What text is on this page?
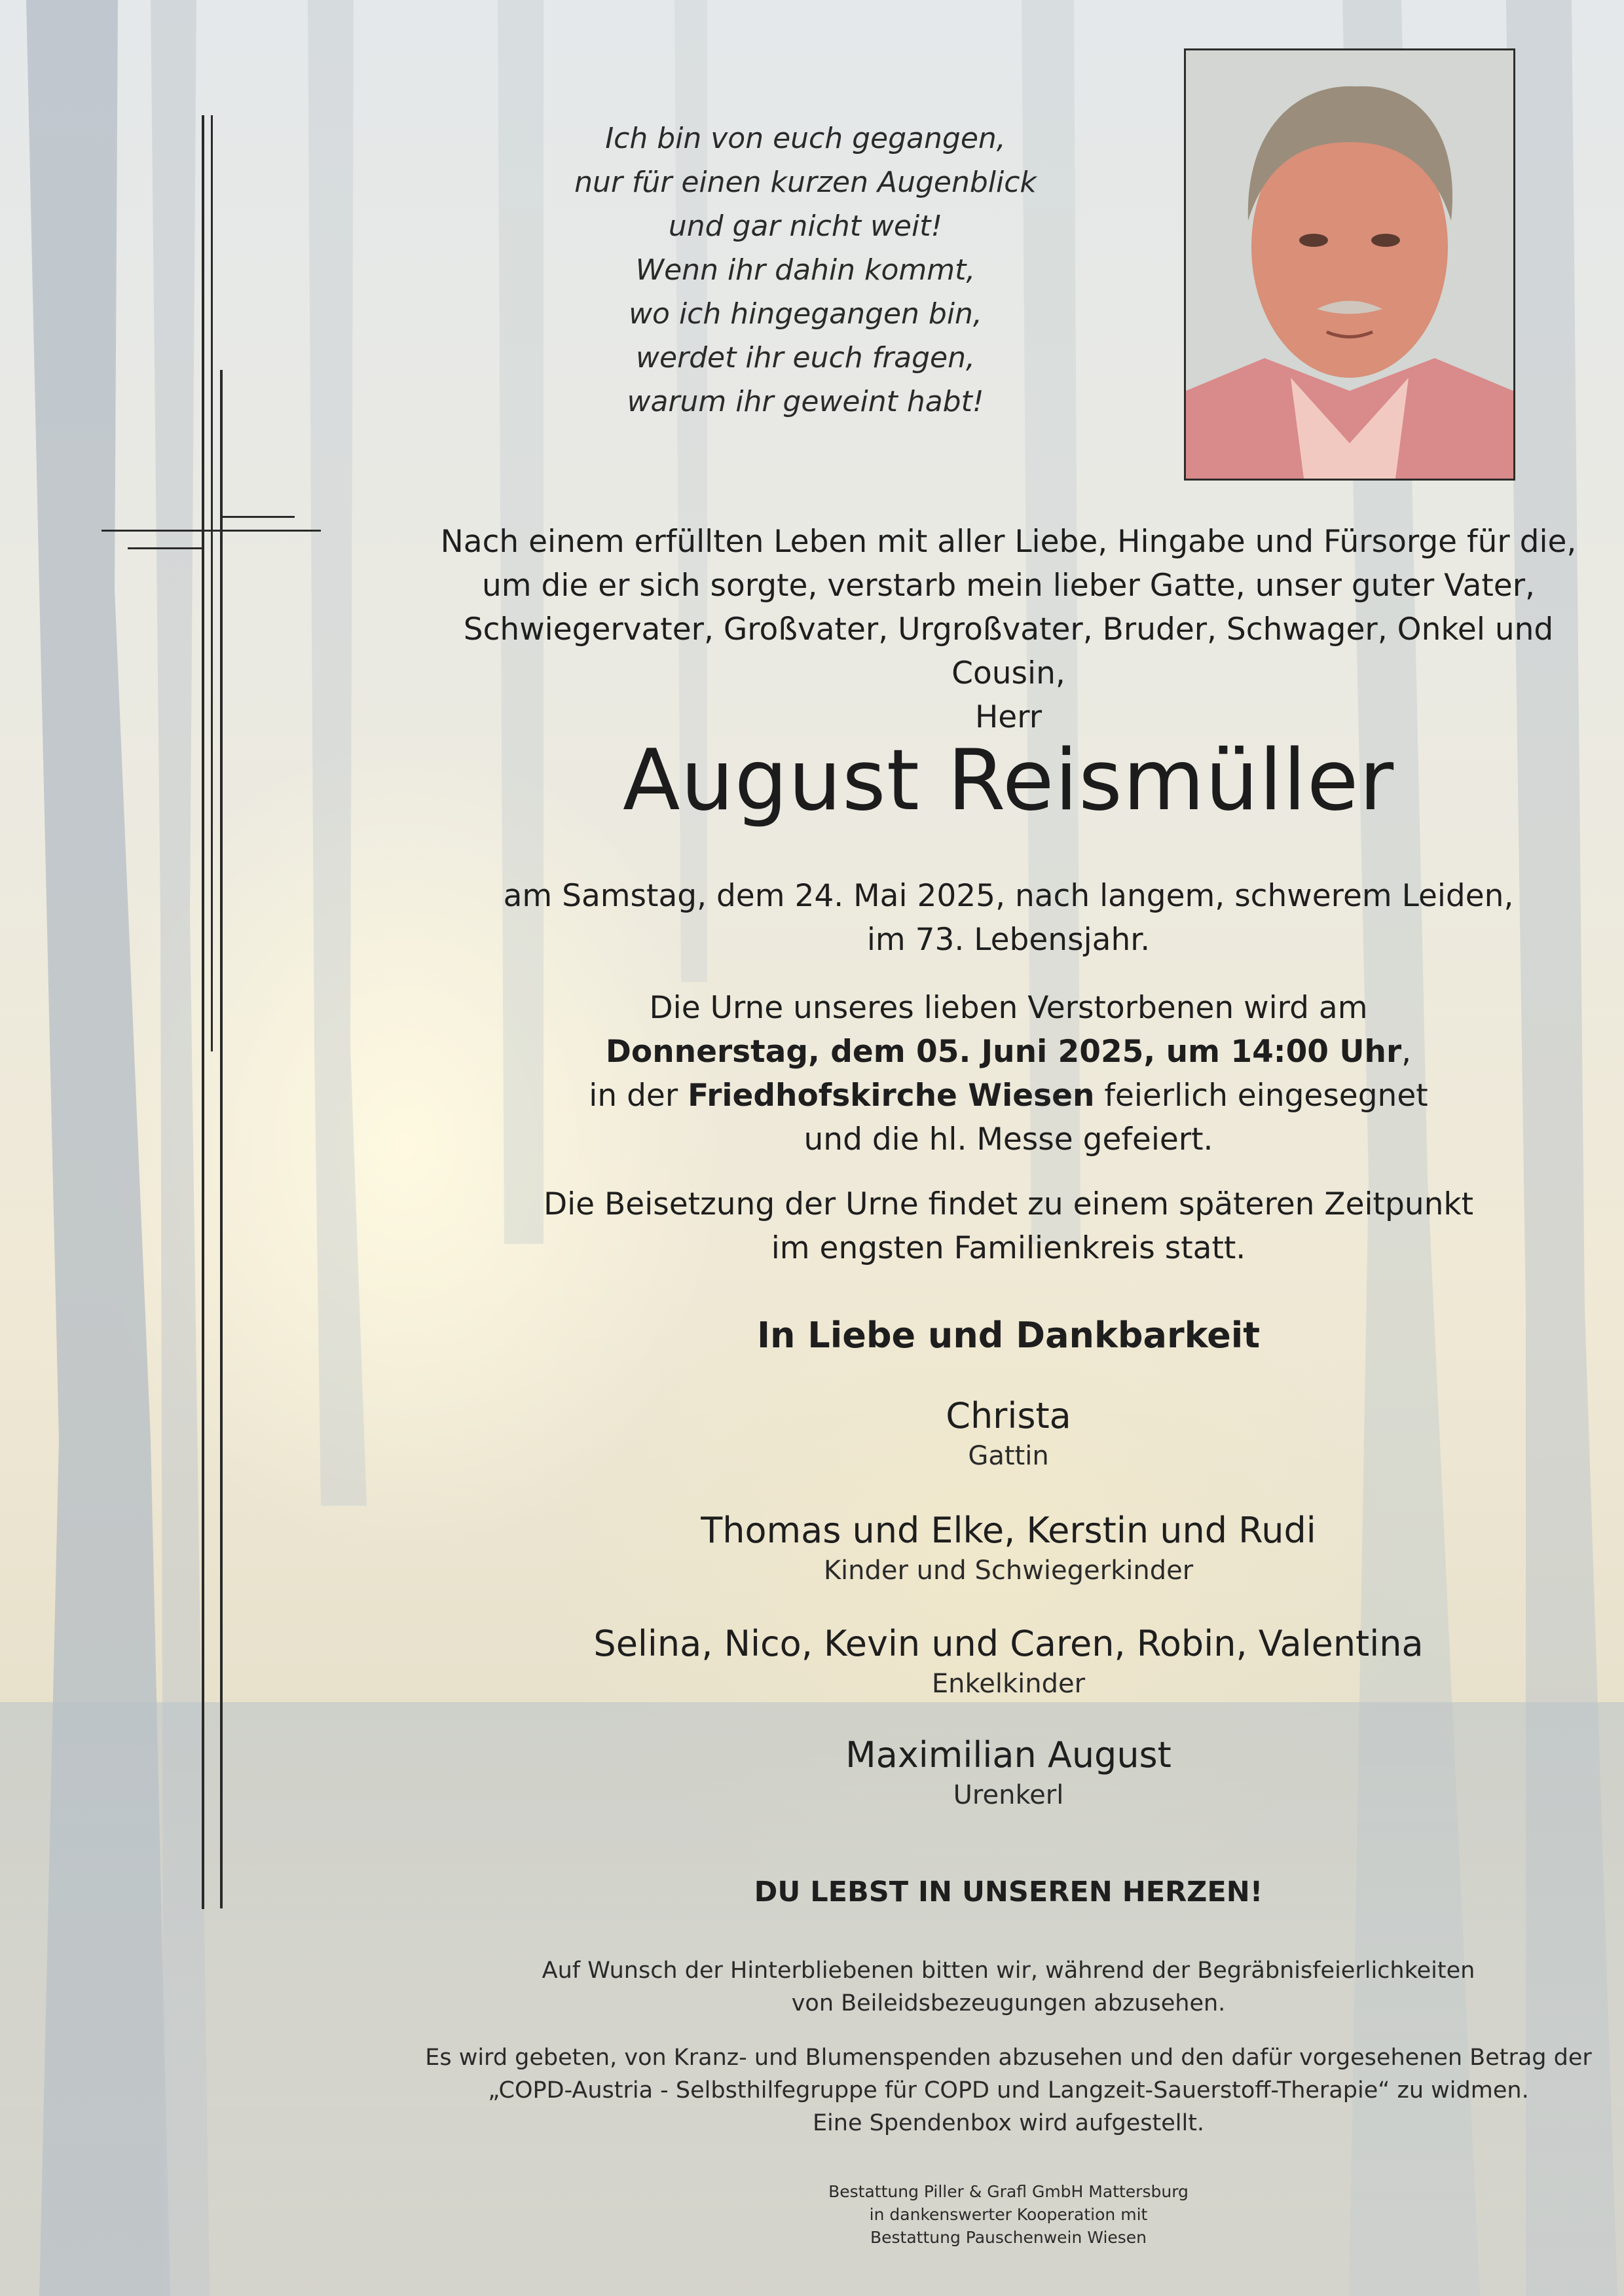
Ich bin von euch gegangen,
nur für einen kurzen Augenblick
und gar nicht weit!
Wenn ihr dahin kommt,
wo ich hingegangen bin,
werdet ihr euch fragen,
warum ihr geweint habt!
Nach einem erfüllten Leben mit aller Liebe, Hingabe und Fürsorge für die,
um die er sich sorgte, verstarb mein lieber Gatte, unser guter Vater,
Schwiegervater, Großvater, Urgroßvater, Bruder, Schwager, Onkel und Cousin,
Herr
August Reismüller
am Samstag, dem 24. Mai 2025, nach langem, schwerem Leiden,
im 73. Lebensjahr.
Die Urne unseres lieben Verstorbenen wird am
Donnerstag, dem 05. Juni 2025, um 14:00 Uhr,
in der Friedhofskirche Wiesen feierlich eingesegnet
und die hl. Messe gefeiert.
Die Beisetzung der Urne findet zu einem späteren Zeitpunkt
im engsten Familienkreis statt.
In Liebe und Dankbarkeit
Christa
Gattin
Thomas und Elke, Kerstin und Rudi
Kinder und Schwiegerkinder
Selina, Nico, Kevin und Caren, Robin, Valentina
Enkelkinder
Maximilian August
Urenkerl
DU LEBST IN UNSEREN HERZEN!
Auf Wunsch der Hinterbliebenen bitten wir, während der Begräbnisfeierlichkeiten
von Beileidsbezeugungen abzusehen.
Es wird gebeten, von Kranz- und Blumenspenden abzusehen und den dafür vorgesehenen Betrag der
„COPD-Austria - Selbsthilfegruppe für COPD und Langzeit-Sauerstoff-Therapie“ zu widmen.
Eine Spendenbox wird aufgestellt.
Bestattung Piller & Grafl GmbH Mattersburg
in dankenswerter Kooperation mit
Bestattung Pauschenwein Wiesen
